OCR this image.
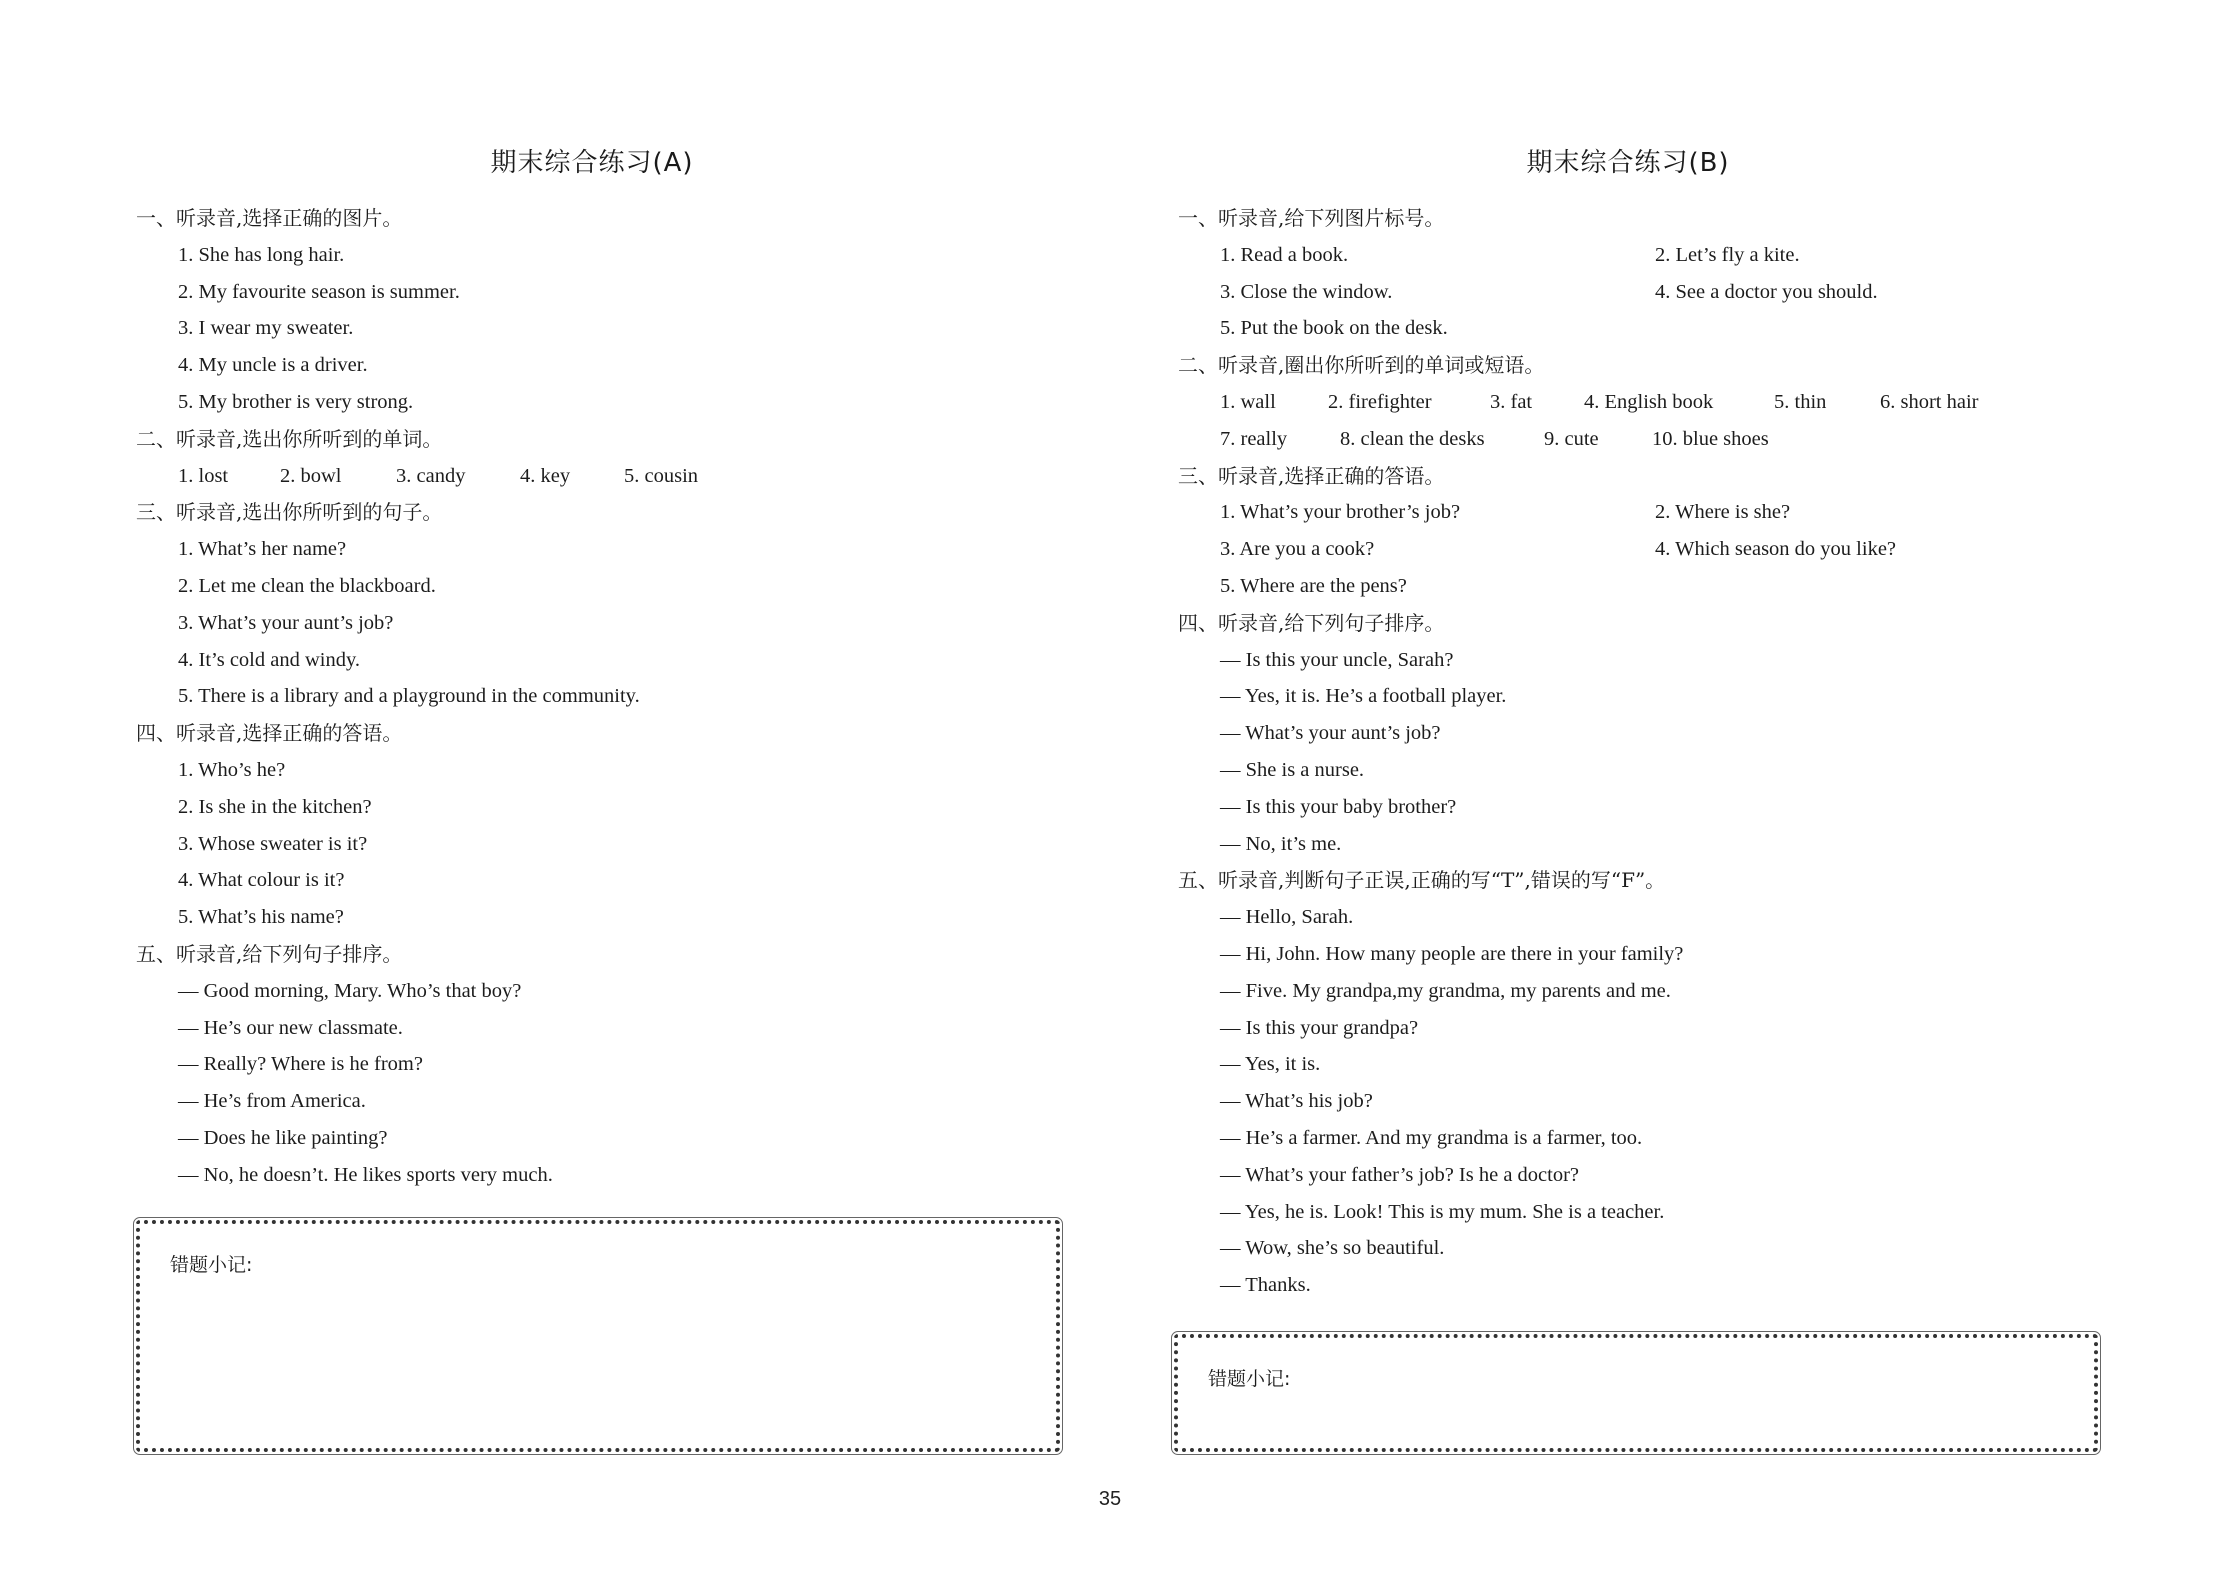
期末综合练习(A)
一、听录音,选择正确的图片。
1. She has long hair.
2. My favourite season is summer.
3. I wear my sweater.
4. My uncle is a driver.
5. My brother is very strong.
二、听录音,选出你所听到的单词。
1. lost	2. bowl	3. candy	4. key	5. cousin
三、听录音,选出你所听到的句子。
1. What’s her name?
2. Let me clean the blackboard.
3. What’s your aunt’s job?
4. It’s cold and windy.
5. There is a library and a playground in the community.
四、听录音,选择正确的答语。
1. Who’s he?
2. Is she in the kitchen?
3. Whose sweater is it?
4. What colour is it?
5. What’s his name?
五、听录音,给下列句子排序。
— Good morning, Mary. Who’s that boy?
— He’s our new classmate.
— Really? Where is he from?
— He’s from America.
— Does he like painting?
— No, he doesn’t. He likes sports very much.
错题小记:
期末综合练习(B)
一、听录音,给下列图片标号。
1. Read a book.	2. Let’s fly a kite.
3. Close the window.	4. See a doctor you should.
5. Put the book on the desk.
二、听录音,圈出你所听到的单词或短语。
1. wall	2. firefighter	3. fat	4. English book	5. thin	6. short hair
7. really	8. clean the desks	9. cute	10. blue shoes
三、听录音,选择正确的答语。
1. What’s your brother’s job?	2. Where is she?
3. Are you a cook?	4. Which season do you like?
5. Where are the pens?
四、听录音,给下列句子排序。
— Is this your uncle, Sarah?
— Yes, it is. He’s a football player.
— What’s your aunt’s job?
— She is a nurse.
— Is this your baby brother?
— No, it’s me.
五、听录音,判断句子正误,正确的写“T”,错误的写“F”。
— Hello, Sarah.
— Hi, John. How many people are there in your family?
— Five. My grandpa,my grandma, my parents and me.
— Is this your grandpa?
— Yes, it is.
— What’s his job?
— He’s a farmer. And my grandma is a farmer, too.
— What’s your father’s job? Is he a doctor?
— Yes, he is. Look! This is my mum. She is a teacher.
— Wow, she’s so beautiful.
— Thanks.
错题小记:
35
